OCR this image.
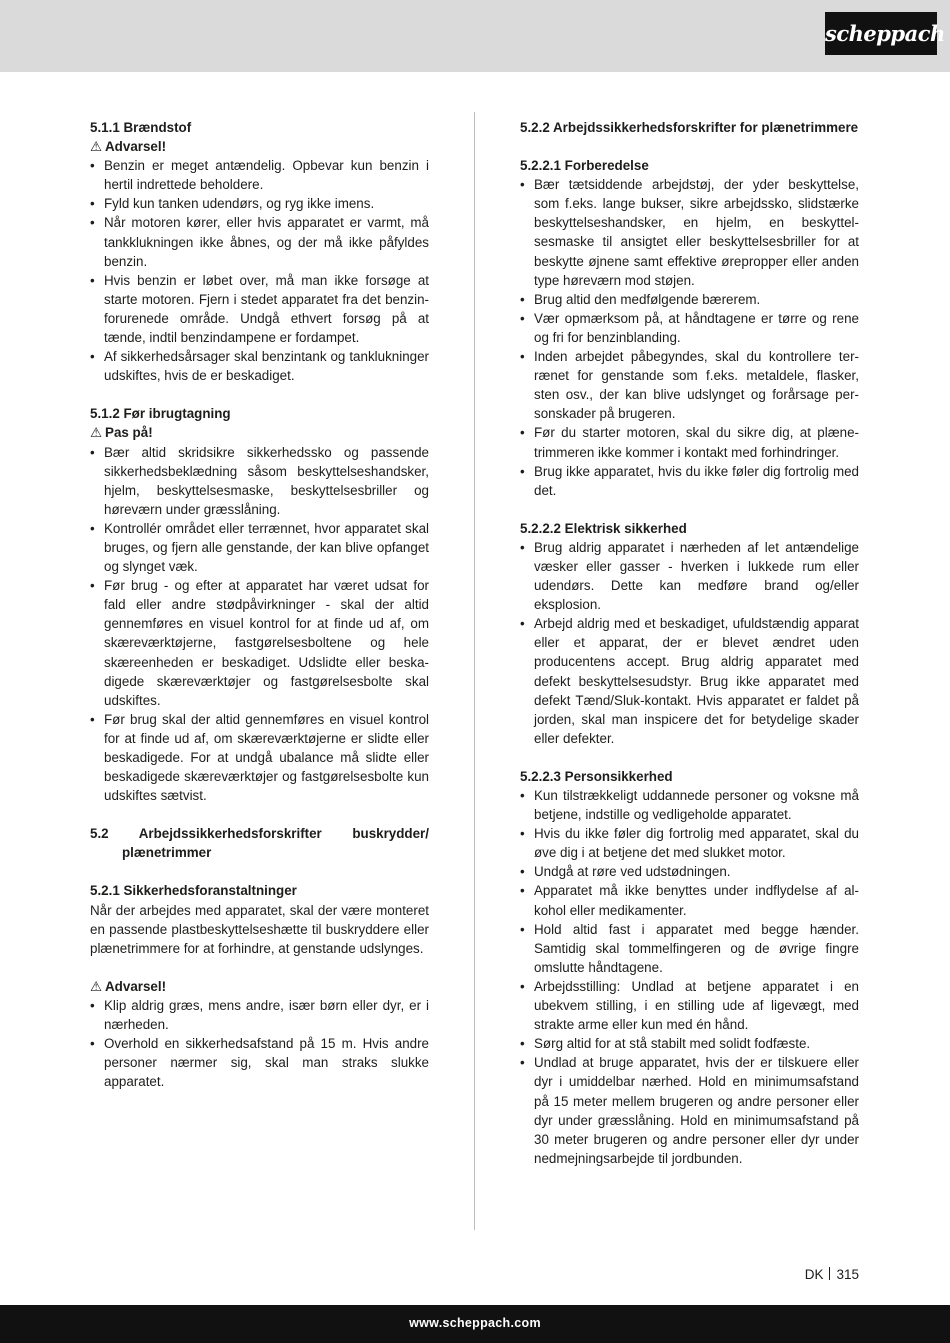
scheppach
5.1.1 Brændstof
⚠ Advarsel!
• Benzin er meget antændelig. Opbevar kun benzin i hertil indrettede beholdere.
• Fyld kun tanken udendørs, og ryg ikke imens.
• Når motoren kører, eller hvis apparatet er varmt, må tankklukningen ikke åbnes, og der må ikke påfyldes benzin.
• Hvis benzin er løbet over, må man ikke forsøge at starte motoren. Fjern i stedet apparatet fra det benzin-forurenede område. Undgå ethvert forsøg på at tænde, indtil benzindampene er fordampet.
• Af sikkerhedsårsager skal benzintank og tanklukninger udskiftes, hvis de er beskadiget.
5.1.2 Før ibrugtagning
⚠ Pas på!
• Bær altid skridsikre sikkerhedssko og passende sikkerhedsbeklædning såsom beskyttelseshandsker, hjelm, beskyttelsesmaske, beskyttelsesbriller og høreværn under græsslåning.
• Kontrollér området eller terrænnet, hvor apparatet skal bruges, og fjern alle genstande, der kan blive opfanget og slynget væk.
• Før brug - og efter at apparatet har været udsat for fald eller andre stødpåvirkninger - skal der altid gennemføres en visuel kontrol for at finde ud af, om skæreværktøjerne, fastgørelsesboltene og hele skæreenheden er beskadiget. Udslidte eller beskadigede skæreværktøjer og fastgørelsesbolte skal udskiftes.
• Før brug skal der altid gennemføres en visuel kontrol for at finde ud af, om skæreværktøjerne er slidte eller beskadigede. For at undgå ubalance må slidte eller beskadigede skæreværktøjer og fastgørelsesbolte kun udskiftes sætvist.
5.2 Arbejdssikkerhedsforskrifter buskrydder/ plænetrimmer
5.2.1 Sikkerhedsforanstaltninger

Når der arbejdes med apparatet, skal der være monteret en passende plastbeskyttelseshætte til buskryddere eller plænetrimmere for at forhindre, at genstande udslynges.

⚠ Advarsel!
• Klip aldrig græs, mens andre, især børn eller dyr, er i nærheden.
• Overhold en sikkerhedsafstand på 15 m. Hvis andre personer nærmer sig, skal man straks slukke apparatet.
5.2.2 Arbejdssikkerhedsforskrifter for plænetrimmere
5.2.2.1 Forberedelse
• Bær tætsiddende arbejdstøj, der yder beskyttelse, som f.eks. lange bukser, sikre arbejdssko, slidstærke beskyttelseshandsker, en hjelm, en beskyttelsesmaske til ansigtet eller beskyttelsesbriller for at beskytte øjnene samt effektive ørepropper eller anden type høreværn mod støjen.
• Brug altid den medfølgende bærerem.
• Vær opmærksom på, at håndtagene er tørre og rene og fri for benzinblanding.
• Inden arbejdet påbegyndes, skal du kontrollere terrænet for genstande som f.eks. metaldele, flasker, sten osv., der kan blive udslynget og forårsage personskader på brugeren.
• Før du starter motoren, skal du sikre dig, at plænetrimmeren ikke kommer i kontakt med forhindringer.
• Brug ikke apparatet, hvis du ikke føler dig fortrolig med det.
5.2.2.2 Elektrisk sikkerhed
• Brug aldrig apparatet i nærheden af let antændelige væsker eller gasser - hverken i lukkede rum eller udendørs. Dette kan medføre brand og/eller eksplosion.
• Arbejd aldrig med et beskadiget, ufuldstændig apparat eller et apparat, der er blevet ændret uden producentens accept. Brug aldrig apparatet med defekt beskyttelsesudstyr. Brug ikke apparatet med defekt Tænd/Sluk-kontakt. Hvis apparatet er faldet på jorden, skal man inspicere det for betydelige skader eller defekter.
5.2.2.3 Personsikkerhed
• Kun tilstrækkeligt uddannede personer og voksne må betjene, indstille og vedligeholde apparatet.
• Hvis du ikke føler dig fortrolig med apparatet, skal du øve dig i at betjene det med slukket motor.
• Undgå at røre ved udstødningen.
• Apparatet må ikke benyttes under indflydelse af alkohol eller medikamenter.
• Hold altid fast i apparatet med begge hænder. Samtidig skal tommelfingeren og de øvrige fingre omslutte håndtagene.
• Arbejdsstilling: Undlad at betjene apparatet i en ubekvem stilling, i en stilling ude af ligevægt, med strakte arme eller kun med én hånd.
• Sørg altid for at stå stabilt med solidt fodfæste.
• Undlad at bruge apparatet, hvis der er tilskuere eller dyr i umiddelbar nærhed. Hold en minimumsafstand på 15 meter mellem brugeren og andre personer eller dyr under græsslåning. Hold en minimumsafstand på 30 meter brugeren og andre personer eller dyr under nedmejningsarbejde til jordbunden.
DK 315
www.scheppach.com
